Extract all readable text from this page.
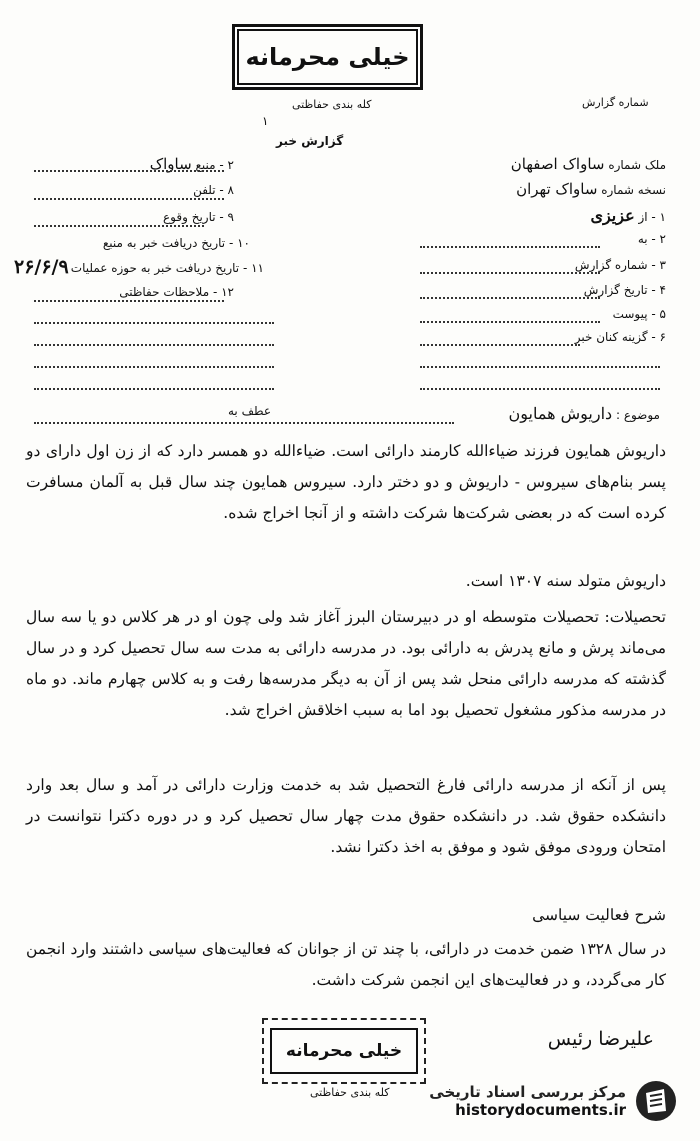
خیلی محرمانه
کله بندی حفاظتی
۱
گزارش خبر
شماره گزارش
۲ - منبع ساواک
۸ - تلفن
۹ - تاریخ وقوع
۱۰ - تاریخ دریافت خبر به منبع
۱۱ - تاریخ دریافت خبر به حوزه عملیات
۱۲ - ملاحظات حفاظتی
۲۶/۶/۹
ملک شماره ساواک اصفهان
نسخه شماره ساواک تهران
۱ - از عزیزی
۲ - به
۳ - شماره گزارش
۴ - تاریخ گزارش
۵ - پیوست
۶ - گزینه کنان خبر
موضوع : داریوش همایون
عطف به
داریوش همایون فرزند ضیاءالله کارمند دارائی است. ضیاءالله دو همسر دارد که از زن اول دارای دو پسر بنام‌های سیروس - داریوش و دو دختر دارد. سیروس همایون چند سال قبل به آلمان مسافرت کرده است که در بعضی شرکت‌ها شرکت داشته و از آنجا اخراج شده.
داریوش متولد سنه ۱۳۰۷ است.
تحصیلات: تحصیلات متوسطه او در دبیرستان البرز آغاز شد ولی چون او در هر کلاس دو یا سه سال می‌ماند پرش و مانع پدرش به دارائی بود. در مدرسه دارائی به مدت سه سال تحصیل کرد و در سال گذشته که مدرسه دارائی منحل شد پس از آن به دیگر مدرسه‌ها رفت و به کلاس چهارم ماند. دو ماه در مدرسه مذکور مشغول تحصیل بود اما به سبب اخلاقش اخراج شد.
پس از آنکه از مدرسه دارائی فارغ التحصیل شد به خدمت وزارت دارائی در آمد و سال بعد وارد دانشکده حقوق شد. در دانشکده حقوق مدت چهار سال تحصیل کرد و در دوره دکترا نتوانست در امتحان ورودی موفق شود و موفق به اخذ دکترا نشد.
شرح فعالیت سیاسی
در سال ۱۳۲۸ ضمن خدمت در دارائی، با چند تن از جوانان که فعالیت‌های سیاسی داشتند وارد انجمن کار می‌گردد، و در فعالیت‌های این انجمن شرکت داشت.
علیرضا رئیس
خیلی محرمانه
کله بندی حفاظتی	مرکز بررسی اسناد تاریخی
historydocuments.ir
